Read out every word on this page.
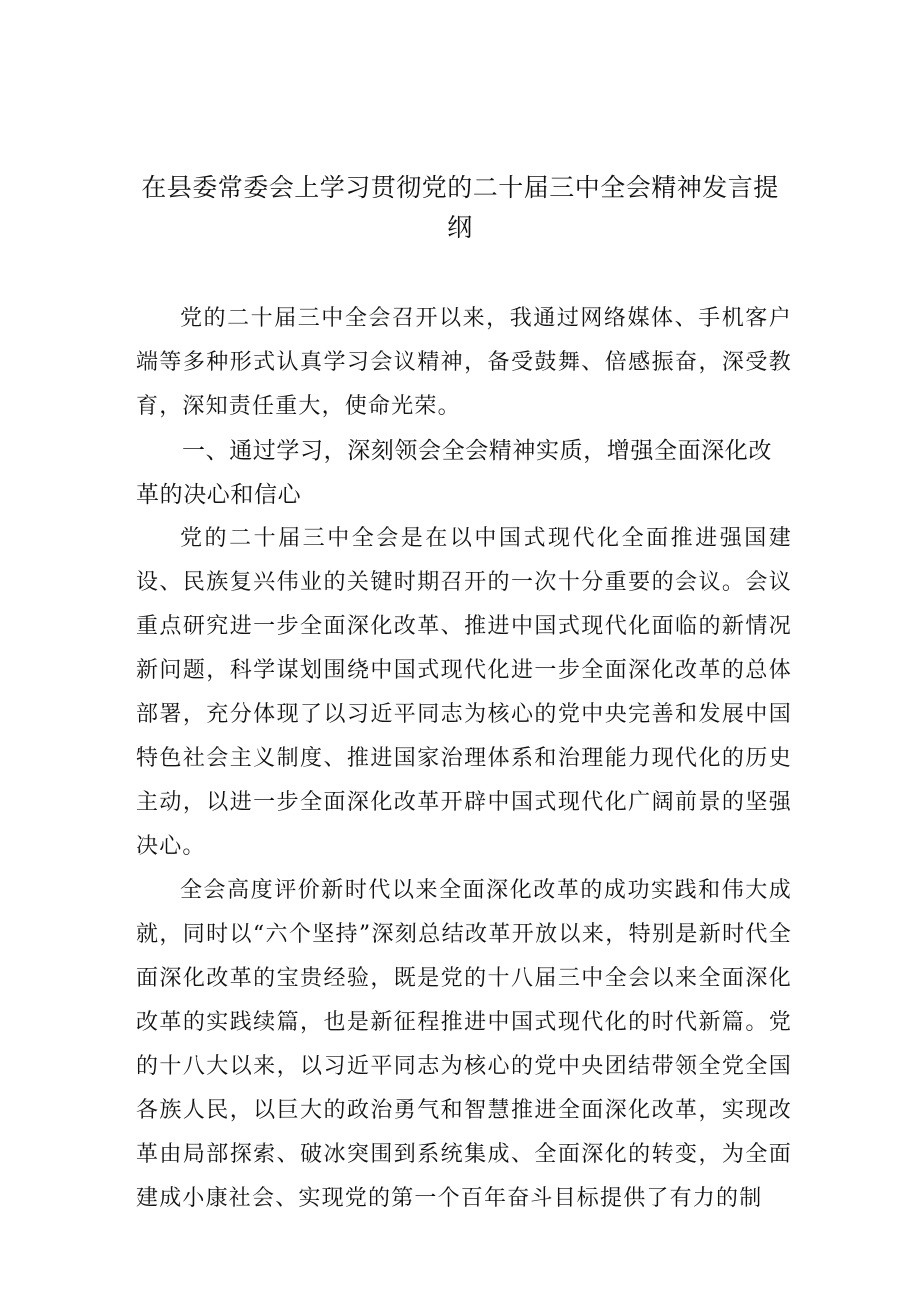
在县委常委会上学习贯彻党的二十届三中全会精神发言提纲

党的二十届三中全会召开以来，我通过网络媒体、手机客户端等多种形式认真学习会议精神，备受鼓舞、倍感振奋，深受教育，深知责任重大，使命光荣。

一、通过学习，深刻领会全会精神实质，增强全面深化改革的决心和信心

党的二十届三中全会是在以中国式现代化全面推进强国建设、民族复兴伟业的关键时期召开的一次十分重要的会议。会议重点研究进一步全面深化改革、推进中国式现代化面临的新情况新问题，科学谋划围绕中国式现代化进一步全面深化改革的总体部署，充分体现了以习近平同志为核心的党中央完善和发展中国特色社会主义制度、推进国家治理体系和治理能力现代化的历史主动，以进一步全面深化改革开辟中国式现代化广阔前景的坚强决心。

全会高度评价新时代以来全面深化改革的成功实践和伟大成就，同时以“六个坚持”深刻总结改革开放以来，特别是新时代全面深化改革的宝贵经验，既是党的十八届三中全会以来全面深化改革的实践续篇，也是新征程推进中国式现代化的时代新篇。党的十八大以来，以习近平同志为核心的党中央团结带领全党全国各族人民，以巨大的政治勇气和智慧推进全面深化改革，实现改革由局部探索、破冰突围到系统集成、全面深化的转变，为全面建成小康社会、实现党的第一个百年奋斗目标提供了有力的制
